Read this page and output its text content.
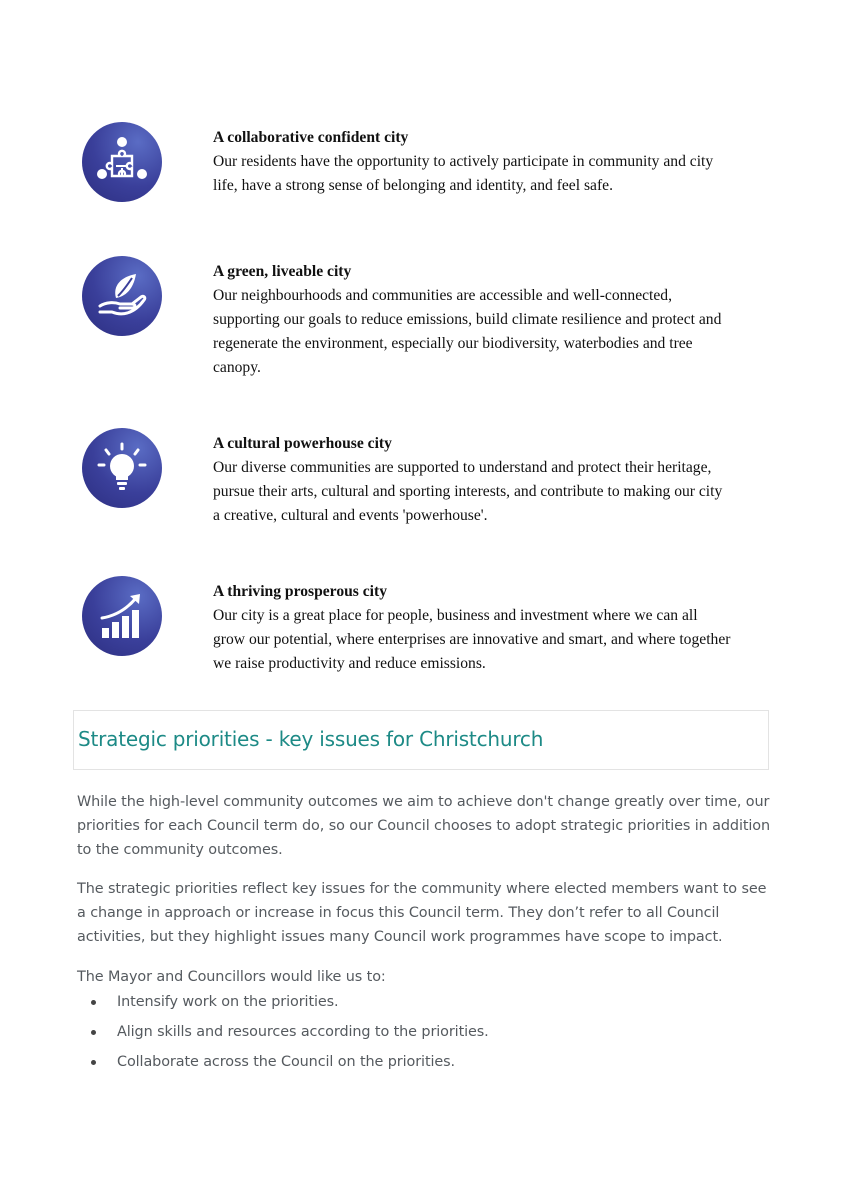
A collaborative confident city
Our residents have the opportunity to actively participate in community and city life, have a strong sense of belonging and identity, and feel safe.
A green, liveable city
Our neighbourhoods and communities are accessible and well-connected, supporting our goals to reduce emissions, build climate resilience and protect and regenerate the environment, especially our biodiversity, waterbodies and tree canopy.
A cultural powerhouse city
Our diverse communities are supported to understand and protect their heritage, pursue their arts, cultural and sporting interests, and contribute to making our city a creative, cultural and events 'powerhouse'.
A thriving prosperous city
Our city is a great place for people, business and investment where we can all grow our potential, where enterprises are innovative and smart, and where together we raise productivity and reduce emissions.
Strategic priorities - key issues for Christchurch

While the high-level community outcomes we aim to achieve don't change greatly over time, our priorities for each Council term do, so our Council chooses to adopt strategic priorities in addition to the community outcomes.

The strategic priorities reflect key issues for the community where elected members want to see a change in approach or increase in focus this Council term. They don’t refer to all Council activities, but they highlight issues many Council work programmes have scope to impact.

The Mayor and Councillors would like us to:

Intensify work on the priorities.
Align skills and resources according to the priorities.
Collaborate across the Council on the priorities.
